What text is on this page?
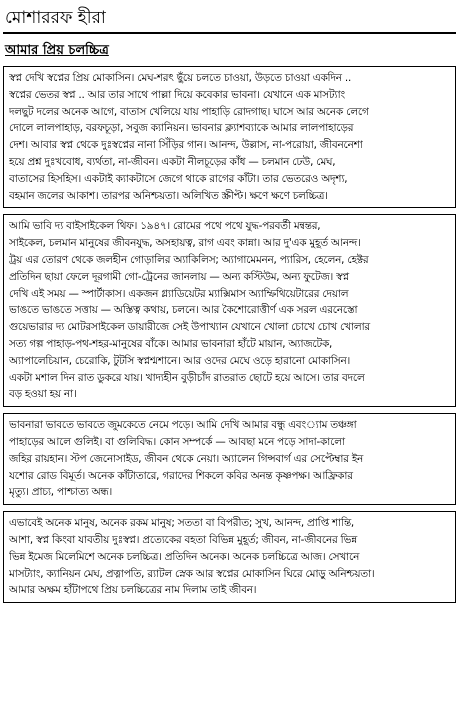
মোশাররফ হীরা
আমার প্রিয় চলচ্চিত্র
স্বপ্ন দেখি স্বপ্নের প্রিয় মোকাসিন। মেঘ-শরৎ ছুঁয়ে চলতে চাওয়া, উড়তে চাওয়া একদিন ..
স্বপ্নের ভেতর স্বপ্ন .. আর তার সাথে পাল্লা দিয়ে কবেকার ভাবনা। যেখানে এক মাসট্যাং
দলছুট দলের অনেক আগে, বাতাস খেলিয়ে যায় পাহাড়ি রোদগাছ। ঘাসে আর অনেক লেগে
দোলে লালপাহাড়, বরফচূড়া, সবুজ ক্যানিয়ন। ভাবনার ক্ল্যাশব্যাকে আমার লালপাহাড়ের
দেশ। আবার স্বপ্ন থেকে দুঃস্বপ্নের নানা সিঁড়ির গান। আনন্দ, উল্লাস, না-পরোয়া, জীবননেশা
হয়ে প্রশ্ন দুঃখবোধ, ব্যর্থতা, না-জীবন। একটা নীলচূড়ের কাঁধ — চলমান ঢেউ, মেঘ,
বাতাসের হিসহিস। একটাই ক্যাকটাসে জেগে থাকে রাগের কাঁটা। তার ভেতরেও অদৃশ্য,
বহমান জলের আকাশ। তারপর অনিশ্চয়তা। অলিখিত স্ক্রীপ্ট। ক্ষণে ক্ষণে চলচ্চিত্র।
আমি ভাবি দ্য বাইসাইকেল থিফ। ১৯৪৭। রোমের পথে পথে যুদ্ধ-পরবর্তী মন্বন্তর,
সাইকেল, চলমান মানুষের জীবনযুদ্ধ, অসহায়ত্ব, রাগ এবং কান্না। আর দু'এক মুহূর্ত আনন্দ।
ট্রয় এর তোরণ থেকে জলহীন গোড়ালির অ্যাকিলিস; অ্যাগামেমনন, প্যারিস, হেলেন, হেক্টর
প্রতিদিন ছায়া ফেলে দূরগামী গো-ট্রেনের জানলায় — অন্য কস্টিউম, অন্য ফুটেজ। স্বপ্ন
দেখি এই সময় — স্পার্টাকাস। একজন গ্ল্যাডিয়েটর ম্যাক্সিমাস অ্যাম্ফিথিয়েটারের দেয়াল
ভাঙতে ভাঙতে সত্তায় — অস্তিত্ব কথায়, চলনে। আর কৈশোরোত্তীর্ণ এক সরল এরনেস্তো
গুয়েভারার দ্য মোটরসাইকেল ডায়ারীজে সেই উপাখ্যান যেখানে খোলা চোখে চোখ খোলার
সত্য গল্প পাহাড়-পথ-শহর-মানুষের বাঁকে। আমার ভাবনারা হাঁটে মায়ান, অ্যাজটেক,
অ্যাপালেচিয়ান, চেরোকি, টুটসি স্বপ্নশ্মশানে। আর ওদের মেঘে ওড়ে হারানো মোকাসিন।
একটা মশাল দিন রাত ডুকরে যায়। খাদ্যহীন বুড়ীচাঁদ রাতরাত ছোটে হয়ে আসে। তার বদলে
বড় হওয়া হয় না।
ভাবনারা ভাবতে ভাবতে জুমকেতে নেমে পড়ে। আমি দেখি আমার বন্ধু এবং্যাম তঞ্চঙ্গা
পাহাড়ের আলে গুলিই। বা গুলিবিদ্ধ। কোন সম্পর্কে — আবছা মনে পড়ে সাদা-কালো
জহির রায়হান। স্টপ জেনোসাইড, জীবন থেকে নেয়া। অ্যালেন গিন্সবার্গ এর সেপ্টেম্বার ইন
যশোর রোড বিমূর্ত। অনেক কাঁটাতারে, গরাদের শিকলে কবির অনন্ত কৃষ্ণপক্ষ। আফ্রিকার
মৃত্যু। প্রাচ্য, পাশ্চাত্য অন্ধ।
এভাবেই অনেক মানুষ, অনেক রকম মানুষ; সততা বা বিপরীত; সুখ, আনন্দ, প্রাপ্তি শান্তি,
আশা, স্বপ্ন কিংবা যাবতীয় দুঃস্বপ্ন। প্রত্যেকের বহতা বিভিন্ন মুহূর্ত; জীবন, না-জীবনের ভিন্ন
ভিন্ন ইমেজ মিলেমিশে অনেক চলচ্চিত্র। প্রতিদিন অনেক। অনেক চলচ্চিত্রে আজ। সেখানে
মাসট্যাং, ক্যানিয়ন মেঘ, প্রত্নাপতি, র‍্যাটল স্নেক আর স্বপ্নের মোকাসিন ঘিরে মোড়ু অনিশ্চয়তা।
আমার অক্ষম হাঁটাপথে প্রিয় চলচ্চিত্রের নাম দিলাম তাই জীবন।
